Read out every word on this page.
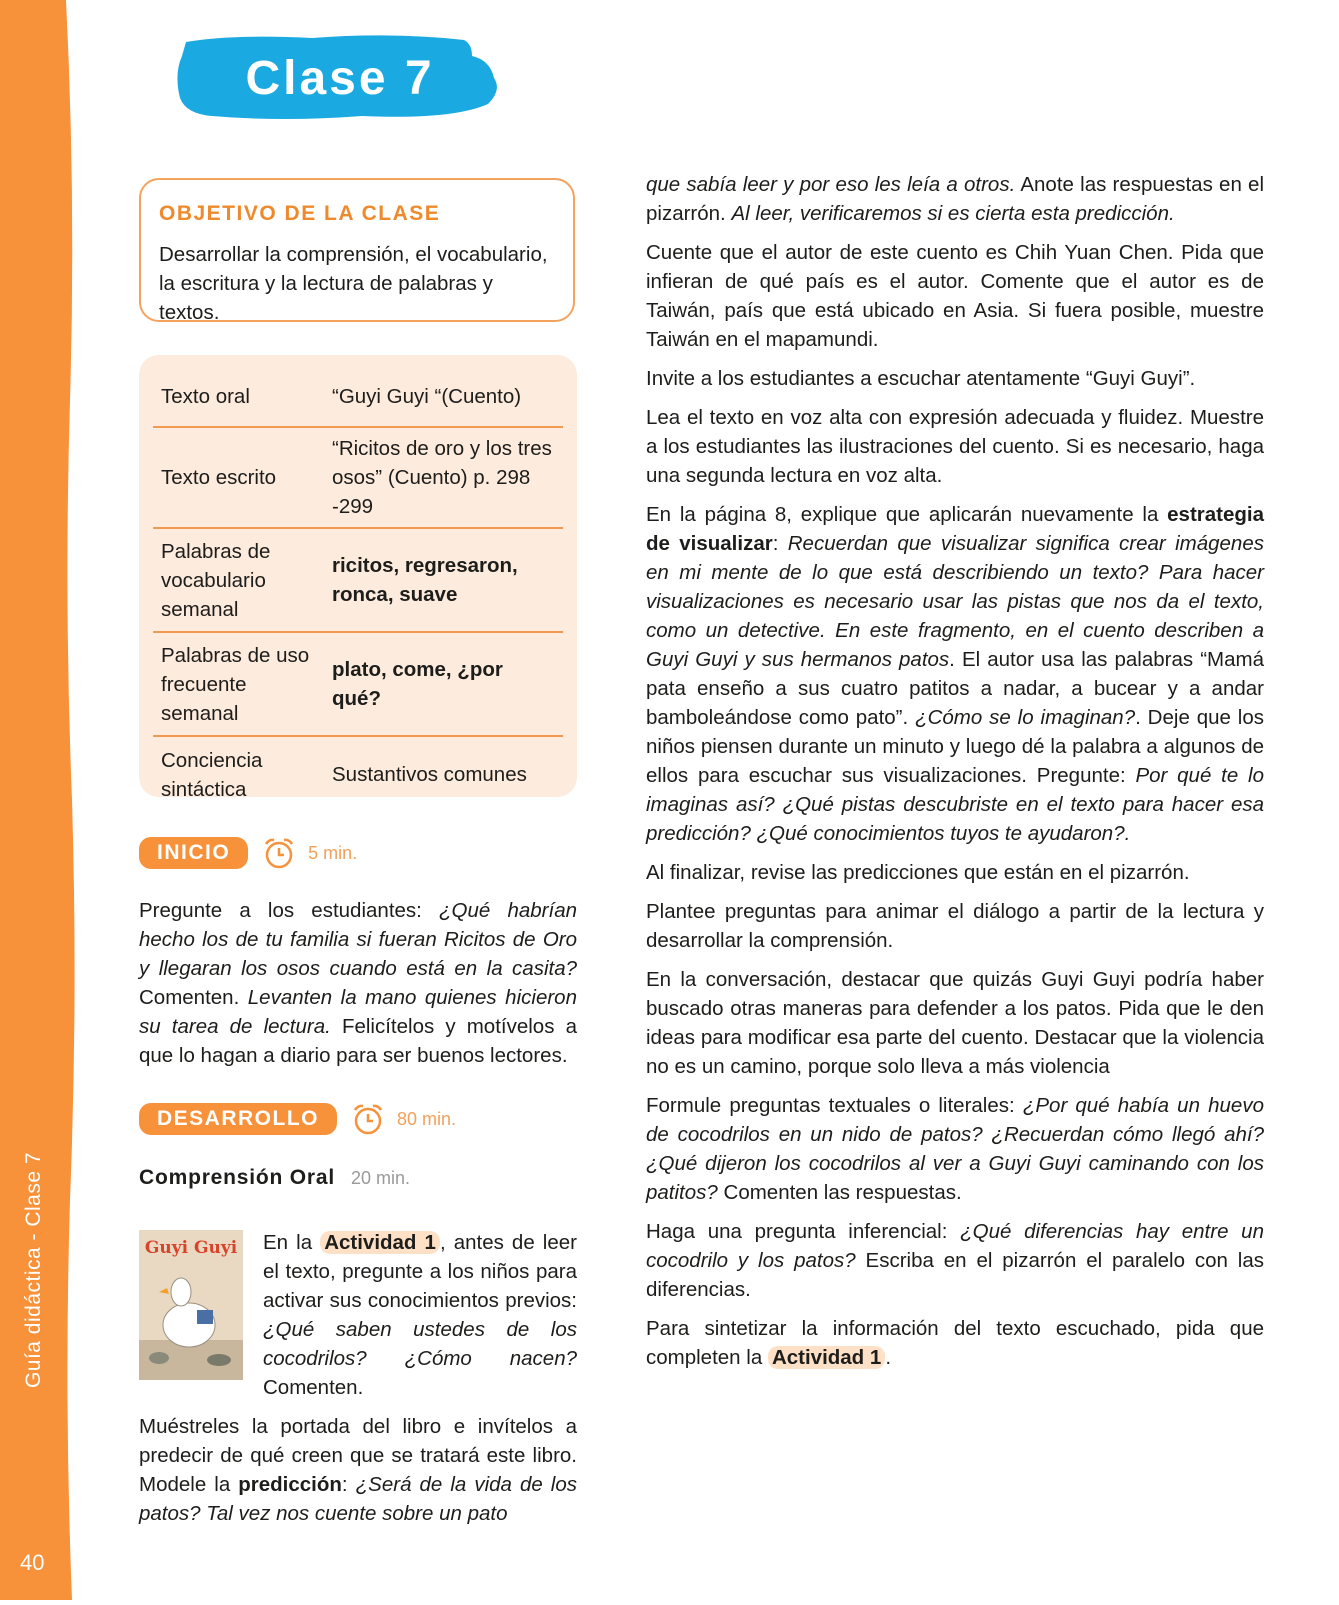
Guía didáctica - Clase 7
40
Clase 7
OBJETIVO DE LA CLASE

Desarrollar la comprensión, el vocabulario, la escritura y la lectura de palabras y textos.

Texto oral	“Guyi Guyi “(Cuento)
Texto escrito	“Ricitos de oro y los tres osos” (Cuento) p. 298 -299
Palabras de vocabulario semanal	ricitos, regresaron, ronca, suave
Palabras de uso frecuente semanal	plato, come, ¿por qué?
Conciencia sintáctica	Sustantivos comunes
INICIO	5 min.

Pregunte a los estudiantes: ¿Qué habrían hecho los de tu familia si fueran Ricitos de Oro y llegaran los osos cuando está en la casita? Comenten. Levanten la mano quienes hicieron su tarea de lectura. Felicítelos y motívelos a que lo hagan a diario para ser buenos lectores.

DESARROLLO	80 min.
Comprensión Oral 20 min.
Guyi Guyi En la Actividad 1 , antes de leer el texto, pregunte a los niños para activar sus conocimientos previos: ¿Qué saben ustedes de los cocodrilos? ¿Cómo nacen? Comenten.

Muéstreles la portada del libro e invítelos a predecir de qué creen que se tratará este libro. Modele la predicción: ¿Será de la vida de los patos? Tal vez nos cuente sobre un pato

que sabía leer y por eso les leía a otros. Anote las respuestas en el pizarrón. Al leer, verificaremos si es cierta esta predicción.

Cuente que el autor de este cuento es Chih Yuan Chen. Pida que infieran de qué país es el autor. Comente que el autor es de Taiwán, país que está ubicado en Asia. Si fuera posible, muestre Taiwán en el mapamundi.

Invite a los estudiantes a escuchar atentamente “Guyi Guyi”.

Lea el texto en voz alta con expresión adecuada y fluidez. Muestre a los estudiantes las ilustraciones del cuento. Si es necesario, haga una segunda lectura en voz alta.

En la página 8, explique que aplicarán nuevamente la estrategia de visualizar: Recuerdan que visualizar significa crear imágenes en mi mente de lo que está describiendo un texto? Para hacer visualizaciones es necesario usar las pistas que nos da el texto, como un detective. En este fragmento, en el cuento describen a Guyi Guyi y sus hermanos patos. El autor usa las palabras “Mamá pata enseño a sus cuatro patitos a nadar, a bucear y a andar bamboleándose como pato”. ¿Cómo se lo imaginan?. Deje que los niños piensen durante un minuto y luego dé la palabra a algunos de ellos para escuchar sus visualizaciones. Pregunte: Por qué te lo imaginas así? ¿Qué pistas descubriste en el texto para hacer esa predicción? ¿Qué conocimientos tuyos te ayudaron?.

Al finalizar, revise las predicciones que están en el pizarrón.

Plantee preguntas para animar el diálogo a partir de la lectura y desarrollar la comprensión.

En la conversación, destacar que quizás Guyi Guyi podría haber buscado otras maneras para defender a los patos. Pida que le den ideas para modificar esa parte del cuento. Destacar que la violencia no es un camino, porque solo lleva a más violencia

Formule preguntas textuales o literales: ¿Por qué había un huevo de cocodrilos en un nido de patos? ¿Recuerdan cómo llegó ahí? ¿Qué dijeron los cocodrilos al ver a Guyi Guyi caminando con los patitos? Comenten las respuestas.

Haga una pregunta inferencial: ¿Qué diferencias hay entre un cocodrilo y los patos? Escriba en el pizarrón el paralelo con las diferencias.

Para sintetizar la información del texto escuchado, pida que completen la Actividad 1 .
